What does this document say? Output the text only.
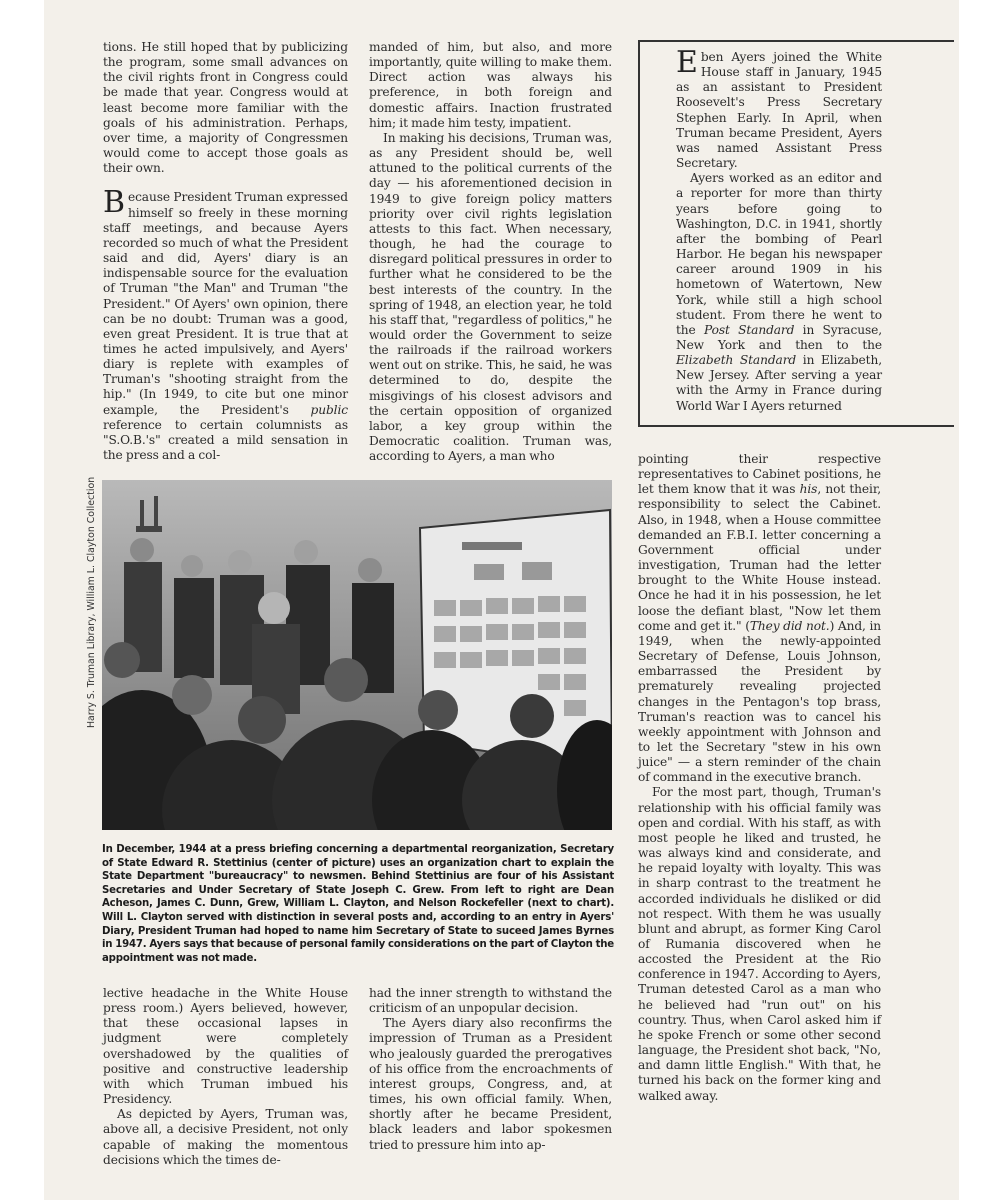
tions. He still hoped that by publicizing the program, some small advances on the civil rights front in Congress could be made that year. Congress would at least become more familiar with the goals of his administration. Perhaps, over time, a majority of Congressmen would come to accept those goals as their own.

Because President Truman expressed himself so freely in these morning staff meetings, and because Ayers recorded so much of what the President said and did, Ayers' diary is an indispensable source for the evaluation of Truman "the Man" and Truman "the President." Of Ayers' own opinion, there can be no doubt: Truman was a good, even great President. It is true that at times he acted impulsively, and Ayers' diary is replete with examples of Truman's "shooting straight from the hip." (In 1949, to cite but one minor example, the President's public reference to certain columnists as "S.O.B.'s" created a mild sensation in the press and a col-

manded of him, but also, and more importantly, quite willing to make them. Direct action was always his preference, in both foreign and domestic affairs. Inaction frustrated him; it made him testy, impatient.

In making his decisions, Truman was, as any President should be, well attuned to the political currents of the day — his aforementioned decision in 1949 to give foreign policy matters priority over civil rights legislation attests to this fact. When necessary, though, he had the courage to disregard political pressures in order to further what he considered to be the best interests of the country. In the spring of 1948, an election year, he told his staff that, "regardless of politics," he would order the Government to seize the railroads if the railroad workers went out on strike. This, he said, he was determined to do, despite the misgivings of his closest advisors and the certain opposition of organized labor, a key group within the Democratic coalition. Truman was, according to Ayers, a man who

Eben Ayers joined the White House staff in January, 1945 as an assistant to President Roosevelt's Press Secretary Stephen Early. In April, when Truman became President, Ayers was named Assistant Press Secretary.

Ayers worked as an editor and a reporter for more than thirty years before going to Washington, D.C. in 1941, shortly after the bombing of Pearl Harbor. He began his newspaper career around 1909 in his hometown of Watertown, New York, while still a high school student. From there he went to the Post Standard in Syracuse, New York and then to the Elizabeth Standard in Elizabeth, New Jersey. After serving a year with the Army in France during World War I Ayers returned

pointing their respective representatives to Cabinet positions, he let them know that it was his, not their, responsibility to select the Cabinet. Also, in 1948, when a House committee demanded an F.B.I. letter concerning a Government official under investigation, Truman had the letter brought to the White House instead. Once he had it in his possession, he let loose the defiant blast, "Now let them come and get it." (They did not.) And, in 1949, when the newly-appointed Secretary of Defense, Louis Johnson, embarrassed the President by prematurely revealing projected changes in the Pentagon's top brass, Truman's reaction was to cancel his weekly appointment with Johnson and to let the Secretary "stew in his own juice" — a stern reminder of the chain of command in the executive branch.

For the most part, though, Truman's relationship with his official family was open and cordial. With his staff, as with most people he liked and trusted, he was always kind and considerate, and he repaid loyalty with loyalty. This was in sharp contrast to the treatment he accorded individuals he disliked or did not respect. With them he was usually blunt and abrupt, as former King Carol of Rumania discovered when he accosted the President at the Rio conference in 1947. According to Ayers, Truman detested Carol as a man who he believed had "run out" on his country. Thus, when Carol asked him if he spoke French or some other second language, the President shot back, "No, and damn little English." With that, he turned his back on the former king and walked away.

Harry S. Truman Library, William L. Clayton Collection

In December, 1944 at a press briefing concerning a departmental reorganization, Secretary of State Edward R. Stettinius (center of picture) uses an organization chart to explain the State Department "bureaucracy" to newsmen. Behind Stettinius are four of his Assistant Secretaries and Under Secretary of State Joseph C. Grew. From left to right are Dean Acheson, James C. Dunn, Grew, William L. Clayton, and Nelson Rockefeller (next to chart). Will L. Clayton served with distinction in several posts and, according to an entry in Ayers' Diary, President Truman had hoped to name him Secretary of State to suceed James Byrnes in 1947. Ayers says that because of personal family considerations on the part of Clayton the appointment was not made.

lective headache in the White House press room.) Ayers believed, however, that these occasional lapses in judgment were completely overshadowed by the qualities of positive and constructive leadership with which Truman imbued his Presidency.

As depicted by Ayers, Truman was, above all, a decisive President, not only capable of making the momentous decisions which the times de-

had the inner strength to withstand the criticism of an unpopular decision.

The Ayers diary also reconfirms the impression of Truman as a President who jealously guarded the prerogatives of his office from the encroachments of interest groups, Congress, and, at times, his own official family. When, shortly after he became President, black leaders and labor spokesmen tried to pressure him into ap-
